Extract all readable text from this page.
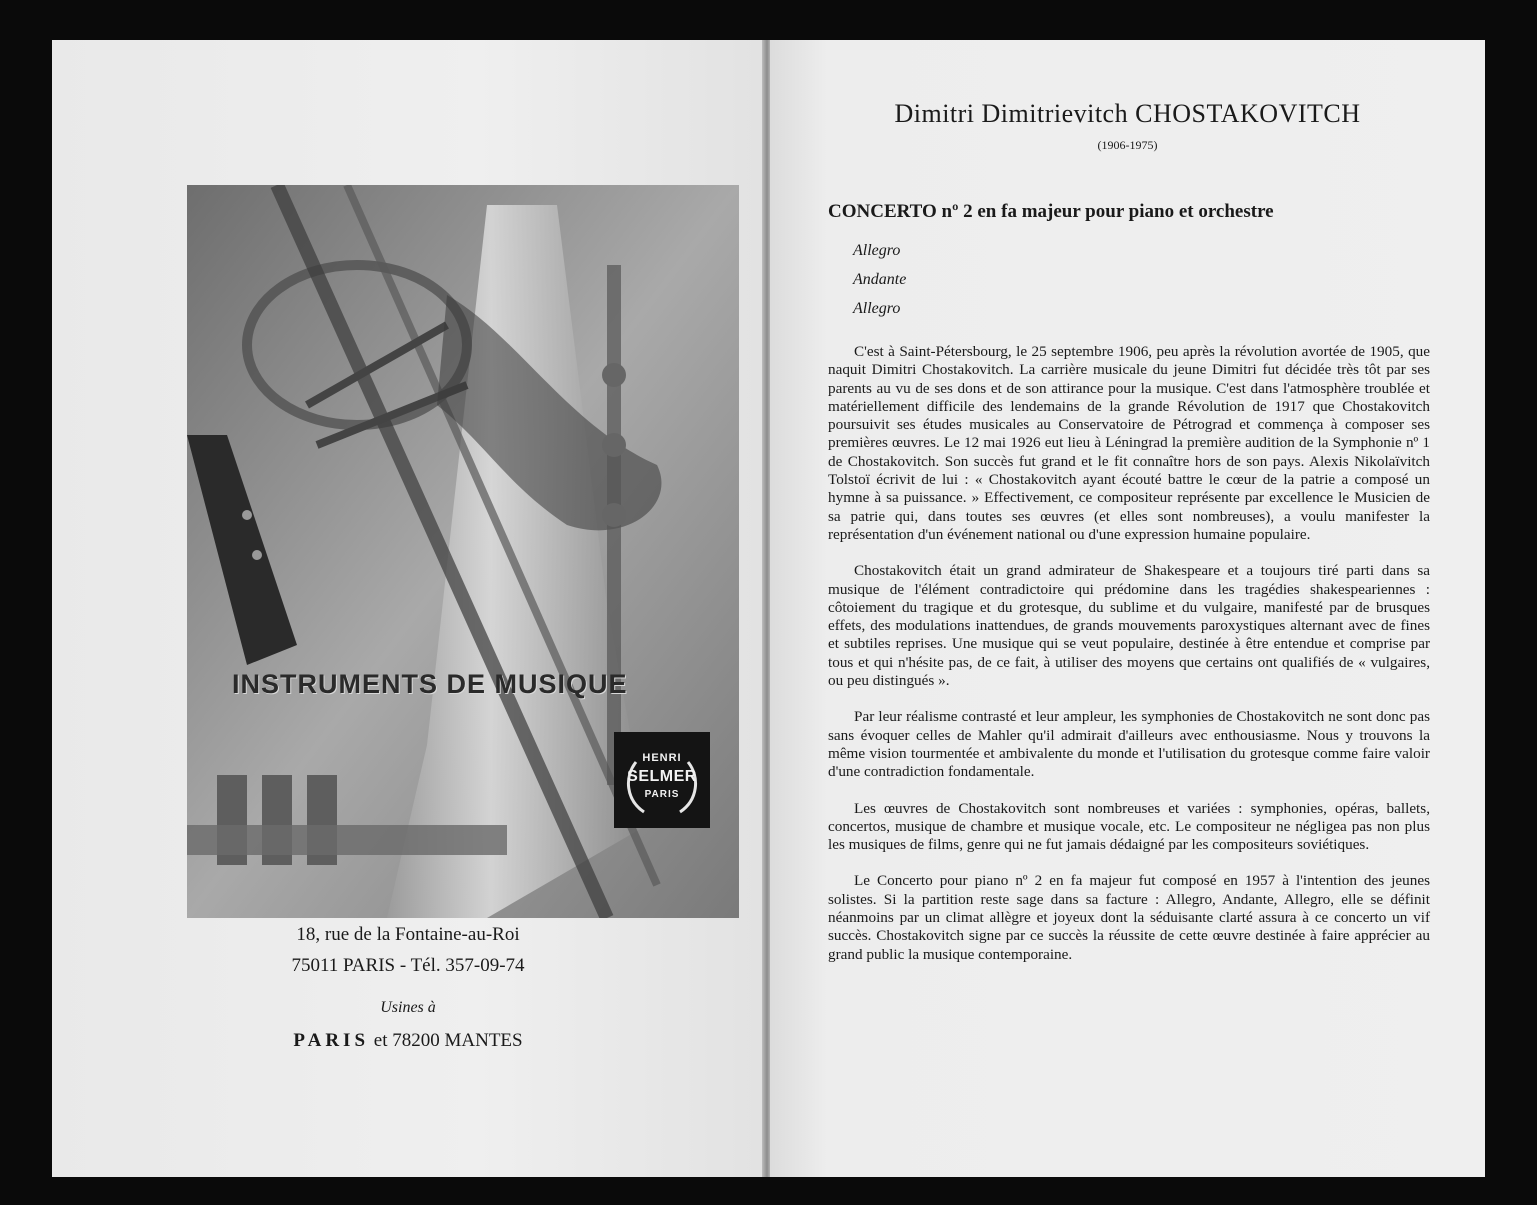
INSTRUMENTS DE MUSIQUE
HENRI
SELMER
PARIS
18, rue de la Fontaine-au-Roi
75011 PARIS - Tél. 357-09-74
Usines à
PARIS et 78200 MANTES
Dimitri Dimitrievitch CHOSTAKOVITCH
(1906-1975)
CONCERTO nº 2 en fa majeur pour piano et orchestre
Allegro
Andante
Allegro

C'est à Saint-Pétersbourg, le 25 septembre 1906, peu après la révolution avortée de 1905, que naquit Dimitri Chostakovitch. La carrière musicale du jeune Dimitri fut décidée très tôt par ses parents au vu de ses dons et de son attirance pour la musique. C'est dans l'atmosphère troublée et matériellement difficile des lendemains de la grande Révolution de 1917 que Chostakovitch poursuivit ses études musicales au Conservatoire de Pétrograd et commença à composer ses premières œuvres. Le 12 mai 1926 eut lieu à Léningrad la première audition de la Symphonie nº 1 de Chostakovitch. Son succès fut grand et le fit connaître hors de son pays. Alexis Nikolaïvitch Tolstoï écrivit de lui : « Chostakovitch ayant écouté battre le cœur de la patrie a composé un hymne à sa puissance. » Effectivement, ce compositeur représente par excellence le Musicien de sa patrie qui, dans toutes ses œuvres (et elles sont nombreuses), a voulu manifester la représentation d'un événement national ou d'une expression humaine populaire.

Chostakovitch était un grand admirateur de Shakespeare et a toujours tiré parti dans sa musique de l'élément contradictoire qui prédomine dans les tragédies shakespeariennes : côtoiement du tragique et du grotesque, du sublime et du vulgaire, manifesté par de brusques effets, des modulations inattendues, de grands mouvements paroxystiques alternant avec de fines et subtiles reprises. Une musique qui se veut populaire, destinée à être entendue et comprise par tous et qui n'hésite pas, de ce fait, à utiliser des moyens que certains ont qualifiés de « vulgaires, ou peu distingués ».

Par leur réalisme contrasté et leur ampleur, les symphonies de Chostakovitch ne sont donc pas sans évoquer celles de Mahler qu'il admirait d'ailleurs avec enthousiasme. Nous y trouvons la même vision tourmentée et ambivalente du monde et l'utilisation du grotesque comme faire valoir d'une contradiction fondamentale.

Les œuvres de Chostakovitch sont nombreuses et variées : symphonies, opéras, ballets, concertos, musique de chambre et musique vocale, etc. Le compositeur ne négligea pas non plus les musiques de films, genre qui ne fut jamais dédaigné par les compositeurs soviétiques.

Le Concerto pour piano nº 2 en fa majeur fut composé en 1957 à l'intention des jeunes solistes. Si la partition reste sage dans sa facture : Allegro, Andante, Allegro, elle se définit néanmoins par un climat allègre et joyeux dont la séduisante clarté assura à ce concerto un vif succès. Chostakovitch signe par ce succès la réussite de cette œuvre destinée à faire apprécier au grand public la musique contemporaine.
